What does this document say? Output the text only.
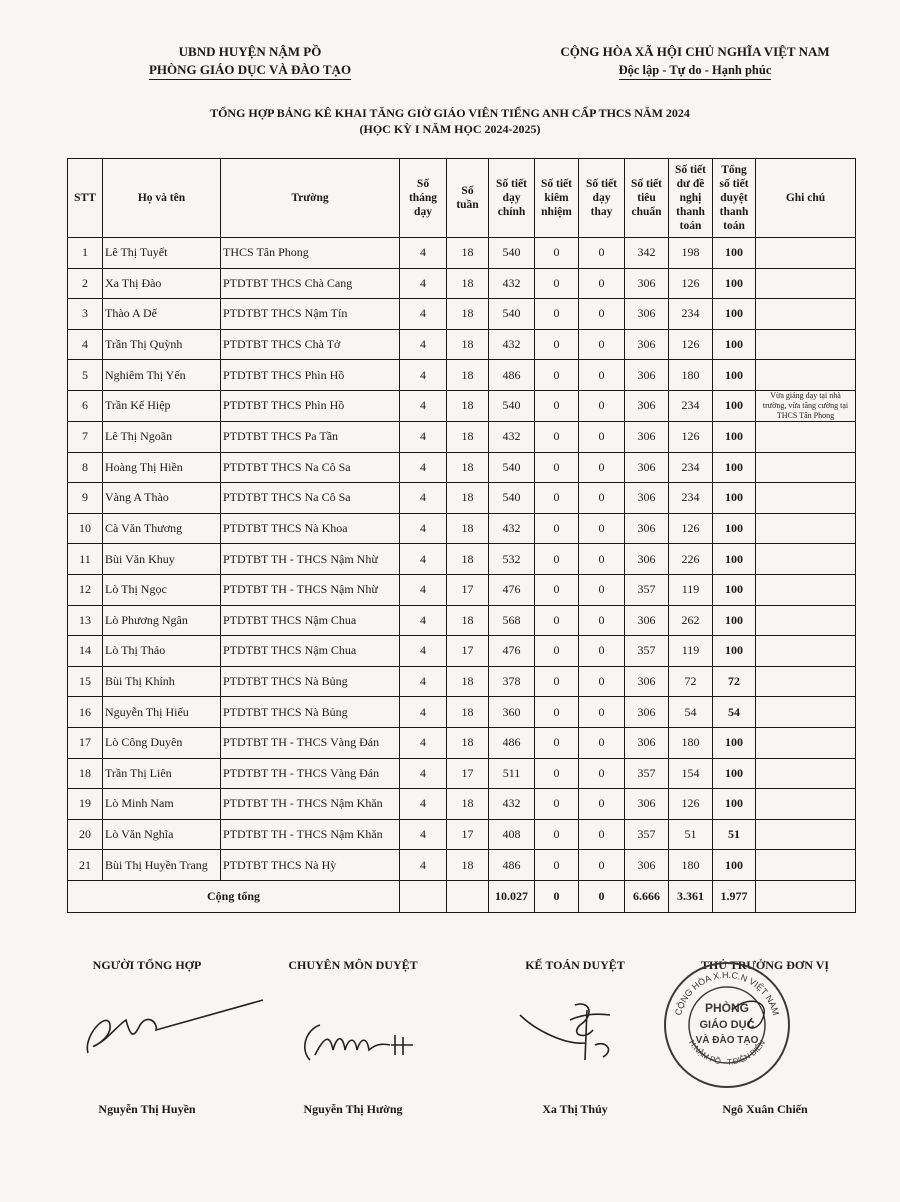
UBND HUYỆN NẬM PỒ
PHÒNG GIÁO DỤC VÀ ĐÀO TẠO
CỘNG HÒA XÃ HỘI CHỦ NGHĨA VIỆT NAM
Độc lập - Tự do - Hạnh phúc
TỔNG HỢP BẢNG KÊ KHAI TĂNG GIỜ GIÁO VIÊN TIẾNG ANH CẤP THCS NĂM 2024
(HỌC KỲ I NĂM HỌC 2024-2025)
STT	Họ và tên	Trường	Số tháng dạy	Số tuần	Số tiết dạy chính	Số tiết kiêm nhiệm	Số tiết dạy thay	Số tiết tiêu chuẩn	Số tiết dư đề nghị thanh toán	Tổng số tiết duyệt thanh toán	Ghi chú
1	Lê Thị Tuyết	THCS Tân Phong	4	18	540	0	0	342	198	100	
2	Xa Thị Đào	PTDTBT THCS Chà Cang	4	18	432	0	0	306	126	100	
3	Thào A Dế	PTDTBT THCS Nậm Tín	4	18	540	0	0	306	234	100	
4	Trần Thị Quỳnh	PTDTBT THCS Chà Tở	4	18	432	0	0	306	126	100	
5	Nghiêm Thị Yến	PTDTBT THCS Phìn Hồ	4	18	486	0	0	306	180	100	
6	Trần Kế Hiệp	PTDTBT THCS Phìn Hồ	4	18	540	0	0	306	234	100	Vừa giảng dạy tại nhà trường, vừa tăng cường tại THCS Tân Phong
7	Lê Thị Ngoãn	PTDTBT THCS Pa Tần	4	18	432	0	0	306	126	100	
8	Hoàng Thị Hiền	PTDTBT THCS Na Cô Sa	4	18	540	0	0	306	234	100	
9	Vàng A Thào	PTDTBT THCS Na Cô Sa	4	18	540	0	0	306	234	100	
10	Cà Văn Thương	PTDTBT THCS Nà Khoa	4	18	432	0	0	306	126	100	
11	Bùi Văn Khuy	PTDTBT TH - THCS Nậm Nhừ	4	18	532	0	0	306	226	100	
12	Lò Thị Ngọc	PTDTBT TH - THCS Nậm Nhừ	4	17	476	0	0	357	119	100	
13	Lò Phương Ngân	PTDTBT THCS Nậm Chua	4	18	568	0	0	306	262	100	
14	Lò Thị Thảo	PTDTBT THCS Nậm Chua	4	17	476	0	0	357	119	100	
15	Bùi Thị Khính	PTDTBT THCS Nà Bủng	4	18	378	0	0	306	72	72	
16	Nguyễn Thị Hiếu	PTDTBT THCS Nà Bủng	4	18	360	0	0	306	54	54	
17	Lò Công Duyên	PTDTBT TH - THCS Vàng Đán	4	18	486	0	0	306	180	100	
18	Trần Thị Liên	PTDTBT TH - THCS Vàng Đán	4	17	511	0	0	357	154	100	
19	Lò Minh Nam	PTDTBT TH - THCS Nậm Khăn	4	18	432	0	0	306	126	100	
20	Lò Văn Nghĩa	PTDTBT TH - THCS Nậm Khăn	4	17	408	0	0	357	51	51	
21	Bùi Thị Huyền Trang	PTDTBT THCS Nà Hỳ	4	18	486	0	0	306	180	100	
Cộng tổng					10.027	0	0	6.666	3.361	1.977	
NGƯỜI TỔNG HỢP	CHUYÊN MÔN DUYỆT	KẾ TOÁN DUYỆT	THỦ TRƯỞNG ĐƠN VỊ
CỘNG HÒA X.H.C.N VIỆT NAM
H.NẬM PỒ - T.ĐIỆN BIÊN
PHÒNG
GIÁO DỤC
VÀ ĐÀO TẠO
Nguyễn Thị Huyền	Nguyễn Thị Hường	Xa Thị Thúy	Ngô Xuân Chiến
